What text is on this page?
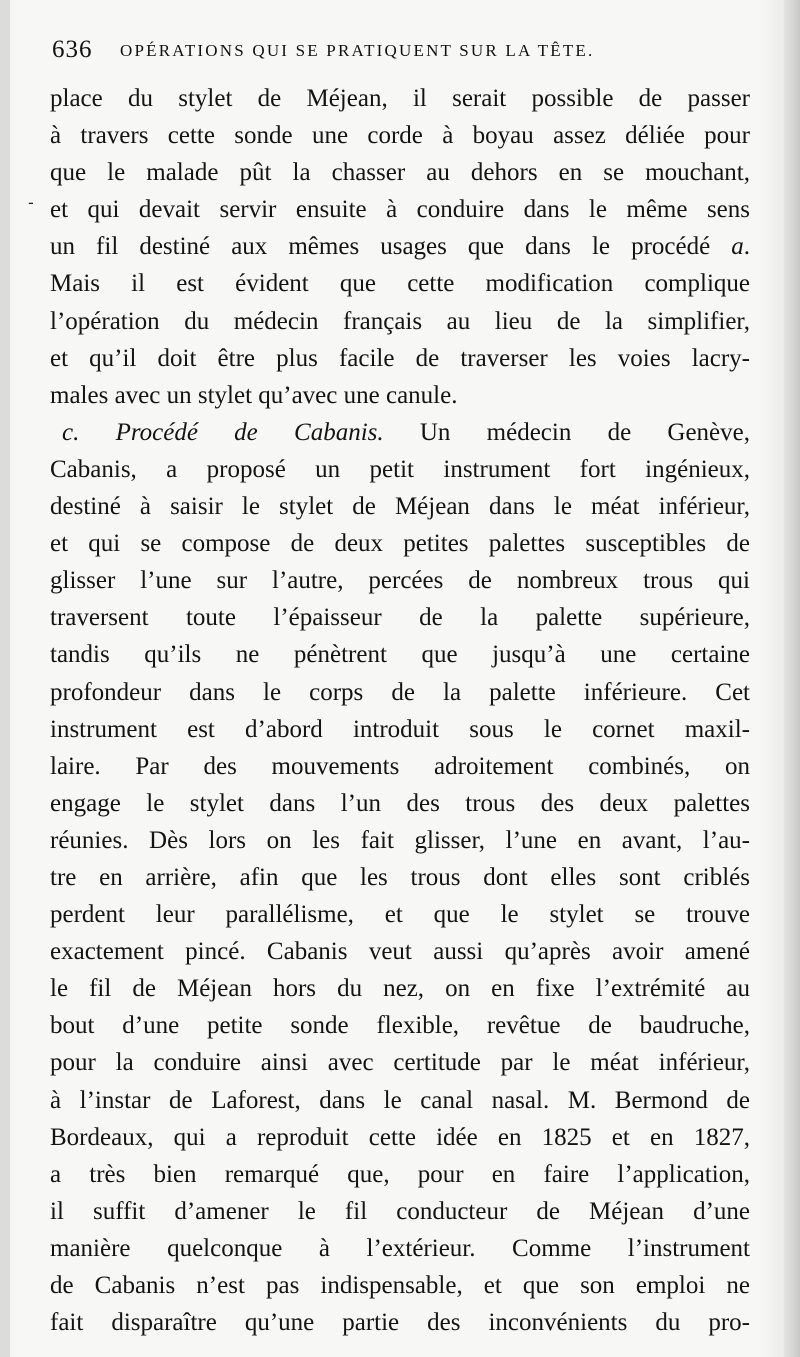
636 OPÉRATIONS QUI SE PRATIQUENT SUR LA TÊTE.
-
place du stylet de Méjean, il serait possible de passer
à travers cette sonde une corde à boyau assez déliée pour
que le malade pût la chasser au dehors en se mouchant,
et qui devait servir ensuite à conduire dans le même sens
un fil destiné aux mêmes usages que dans le procédé a.
Mais il est évident que cette modification complique
l’opération du médecin français au lieu de la simplifier,
et qu’il doit être plus facile de traverser les voies lacry-
males avec un stylet qu’avec une canule.
c. Procédé de Cabanis. Un médecin de Genève,
Cabanis, a proposé un petit instrument fort ingénieux,
destiné à saisir le stylet de Méjean dans le méat inférieur,
et qui se compose de deux petites palettes susceptibles de
glisser l’une sur l’autre, percées de nombreux trous qui
traversent toute l’épaisseur de la palette supérieure,
tandis qu’ils ne pénètrent que jusqu’à une certaine
profondeur dans le corps de la palette inférieure. Cet
instrument est d’abord introduit sous le cornet maxil-
laire. Par des mouvements adroitement combinés, on
engage le stylet dans l’un des trous des deux palettes
réunies. Dès lors on les fait glisser, l’une en avant, l’au-
tre en arrière, afin que les trous dont elles sont criblés
perdent leur parallélisme, et que le stylet se trouve
exactement pincé. Cabanis veut aussi qu’après avoir amené
le fil de Méjean hors du nez, on en fixe l’extrémité au
bout d’une petite sonde flexible, revêtue de baudruche,
pour la conduire ainsi avec certitude par le méat inférieur,
à l’instar de Laforest, dans le canal nasal. M. Bermond de
Bordeaux, qui a reproduit cette idée en 1825 et en 1827,
a très bien remarqué que, pour en faire l’application,
il suffit d’amener le fil conducteur de Méjean d’une
manière quelconque à l’extérieur. Comme l’instrument
de Cabanis n’est pas indispensable, et que son emploi ne
fait disparaître qu’une partie des inconvénients du pro-
